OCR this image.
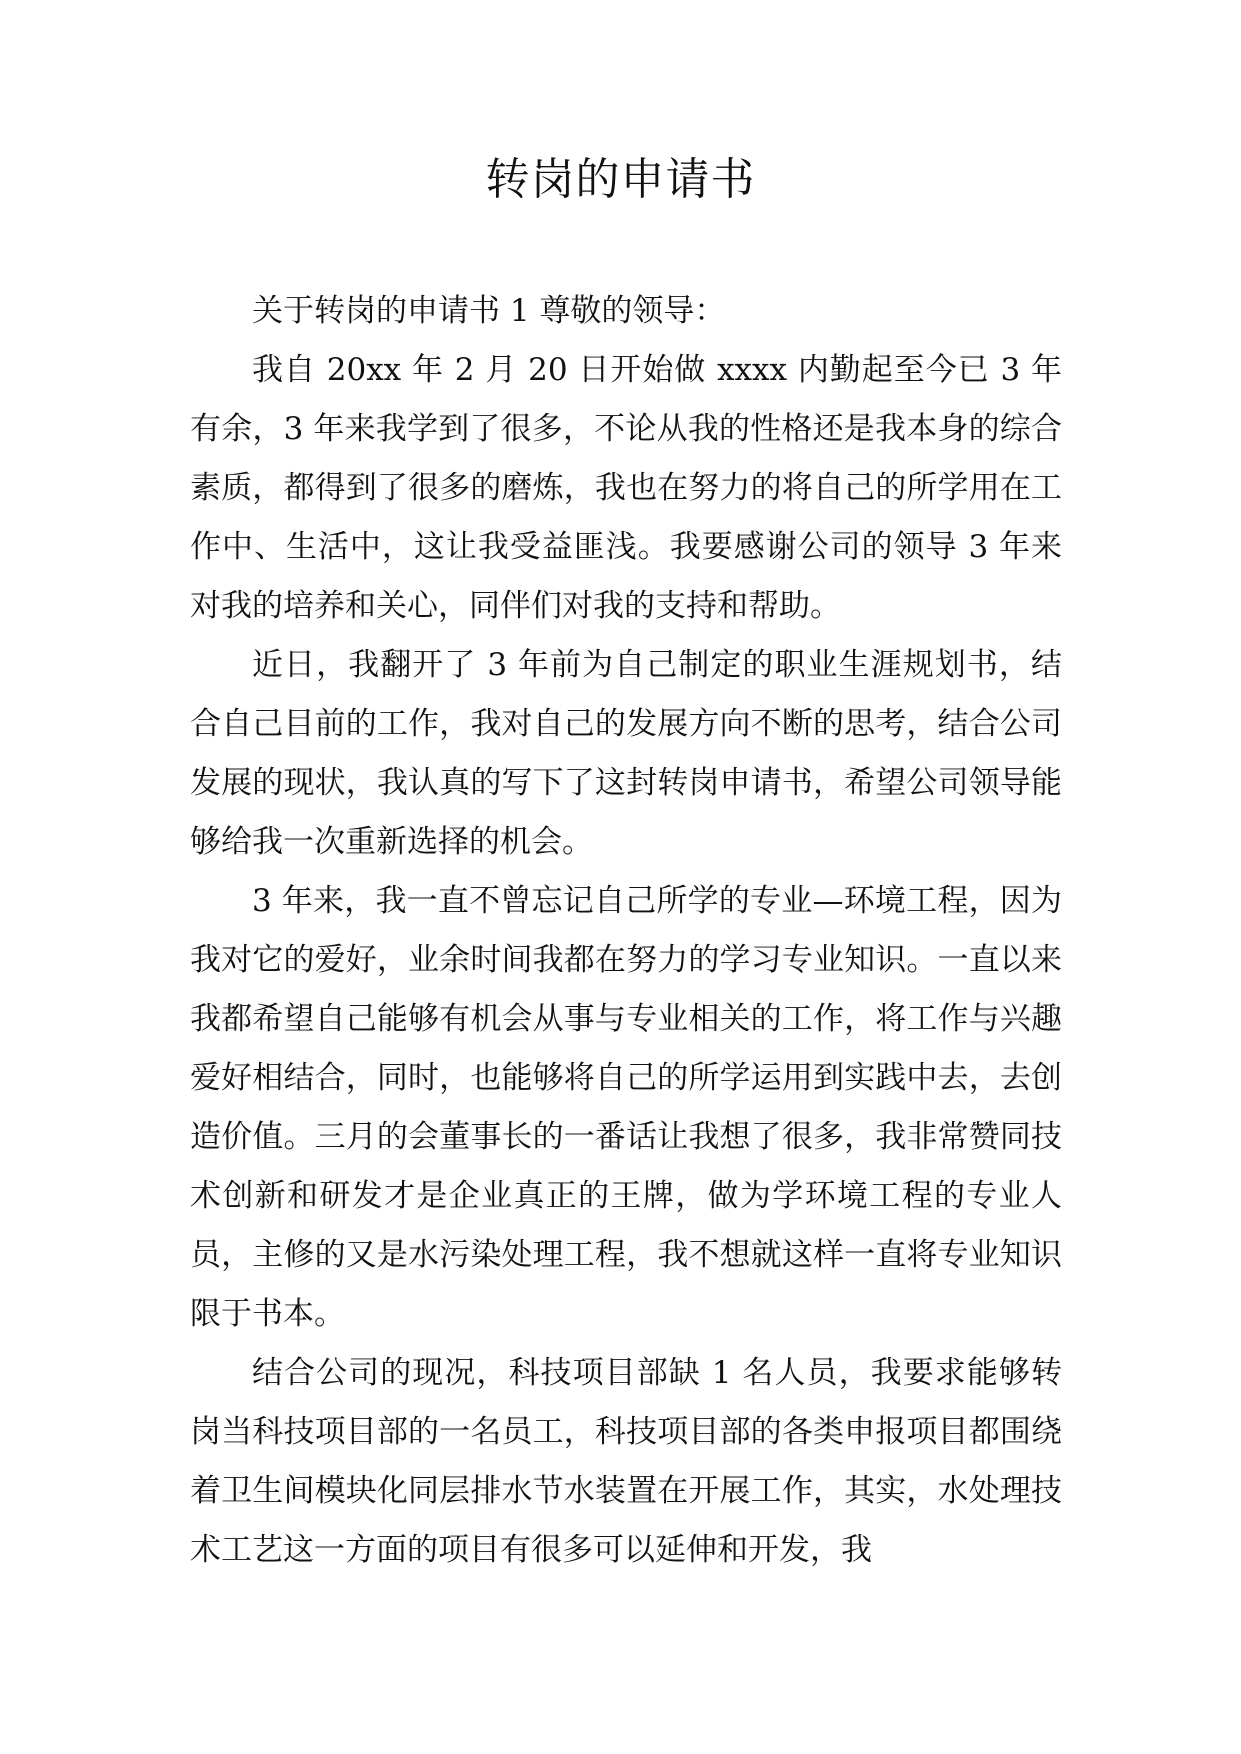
转岗的申请书

关于转岗的申请书 1 尊敬的领导：

我自 20xx 年 2 月 20 日开始做 xxxx 内勤起至今已 3 年有余，3 年来我学到了很多，不论从我的性格还是我本身的综合素质，都得到了很多的磨炼，我也在努力的将自己的所学用在工作中、生活中，这让我受益匪浅。我要感谢公司的领导 3 年来对我的培养和关心，同伴们对我的支持和帮助。

近日，我翻开了 3 年前为自己制定的职业生涯规划书，结合自己目前的工作，我对自己的发展方向不断的思考，结合公司发展的现状，我认真的写下了这封转岗申请书，希望公司领导能够给我一次重新选择的机会。

3 年来，我一直不曾忘记自己所学的专业—环境工程，因为我对它的爱好，业余时间我都在努力的学习专业知识。一直以来我都希望自己能够有机会从事与专业相关的工作，将工作与兴趣爱好相结合，同时，也能够将自己的所学运用到实践中去，去创造价值。三月的会董事长的一番话让我想了很多，我非常赞同技术创新和研发才是企业真正的王牌，做为学环境工程的专业人员，主修的又是水污染处理工程，我不想就这样一直将专业知识限于书本。

结合公司的现况，科技项目部缺 1 名人员，我要求能够转岗当科技项目部的一名员工，科技项目部的各类申报项目都围绕着卫生间模块化同层排水节水装置在开展工作，其实，水处理技术工艺这一方面的项目有很多可以延伸和开发，我
